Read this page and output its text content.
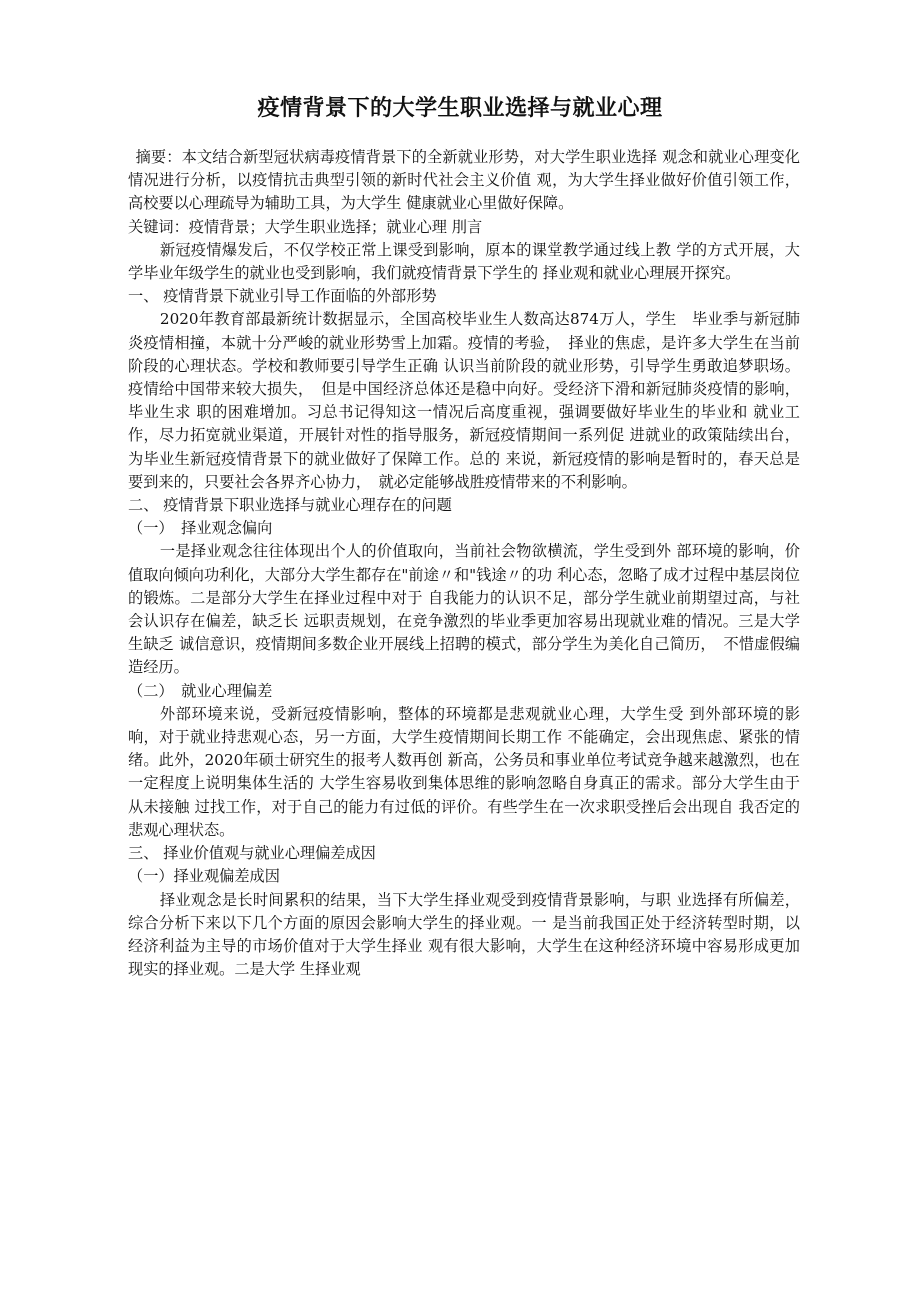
疫情背景下的大学生职业选择与就业心理

摘要：本文结合新型冠状病毒疫情背景下的全新就业形势，对大学生职业选择 观念和就业心理变化情况进行分析，以疫情抗击典型引领的新时代社会主义价值 观，为大学生择业做好价值引领工作，高校要以心理疏导为辅助工具，为大学生 健康就业心里做好保障。

关键词：疫情背景；大学生职业选择；就业心理 刖言

新冠疫情爆发后，不仅学校正常上课受到影响，原本的课堂教学通过线上教 学的方式开展，大学毕业年级学生的就业也受到影响，我们就疫情背景下学生的 择业观和就业心理展开探究。

一、 疫情背景下就业引导工作面临的外部形势

2020年教育部最新统计数据显示，全国高校毕业生人数高达874万人，学生　毕业季与新冠肺炎疫情相撞，本就十分严峻的就业形势雪上加霜。疫情的考验，　择业的焦虑，是许多大学生在当前阶段的心理状态。学校和教师要引导学生正确 认识当前阶段的就业形势，引导学生勇敢追梦职场。疫情给中国带来较大损失，　但是中国经济总体还是稳中向好。受经济下滑和新冠肺炎疫情的影响，毕业生求 职的困难增加。习总书记得知这一情况后高度重视，强调要做好毕业生的毕业和 就业工作，尽力拓宽就业渠道，开展针对性的指导服务，新冠疫情期间一系列促 进就业的政策陆续出台，为毕业生新冠疫情背景下的就业做好了保障工作。总的 来说，新冠疫情的影响是暂时的，春天总是要到来的，只要社会各界齐心协力，　就必定能够战胜疫情带来的不利影响。

二、 疫情背景下职业选择与就业心理存在的问题

（一）　择业观念偏向

一是择业观念往往体现出个人的价值取向，当前社会物欲横流，学生受到外 部环境的影响，价值取向倾向功利化，大部分大学生都存在"前途〃和"钱途〃的功 利心态，忽略了成才过程中基层岗位的锻炼。二是部分大学生在择业过程中对于 自我能力的认识不足，部分学生就业前期望过高，与社会认识存在偏差，缺乏长 远职责规划，在竞争激烈的毕业季更加容易出现就业难的情况。三是大学生缺乏 诚信意识，疫情期间多数企业开展线上招聘的模式，部分学生为美化自己简历，　不惜虚假编造经历。

（二）　就业心理偏差

外部环境来说，受新冠疫情影响，整体的环境都是悲观就业心理，大学生受 到外部环境的影响，对于就业持悲观心态，另一方面，大学生疫情期间长期工作 不能确定，会出现焦虑、紧张的情绪。此外，2020年硕士研究生的报考人数再创 新高，公务员和事业单位考试竞争越来越激烈，也在一定程度上说明集体生活的 大学生容易收到集体思维的影响忽略自身真正的需求。部分大学生由于从未接触 过找工作，对于自己的能力有过低的评价。有些学生在一次求职受挫后会出现自 我否定的悲观心理状态。

三、 择业价值观与就业心理偏差成因

（一）择业观偏差成因

择业观念是长时间累积的结果，当下大学生择业观受到疫情背景影响，与职 业选择有所偏差，综合分析下来以下几个方面的原因会影响大学生的择业观。一 是当前我国正处于经济转型时期，以经济利益为主导的市场价值对于大学生择业 观有很大影响，大学生在这种经济环境中容易形成更加现实的择业观。二是大学 生择业观
